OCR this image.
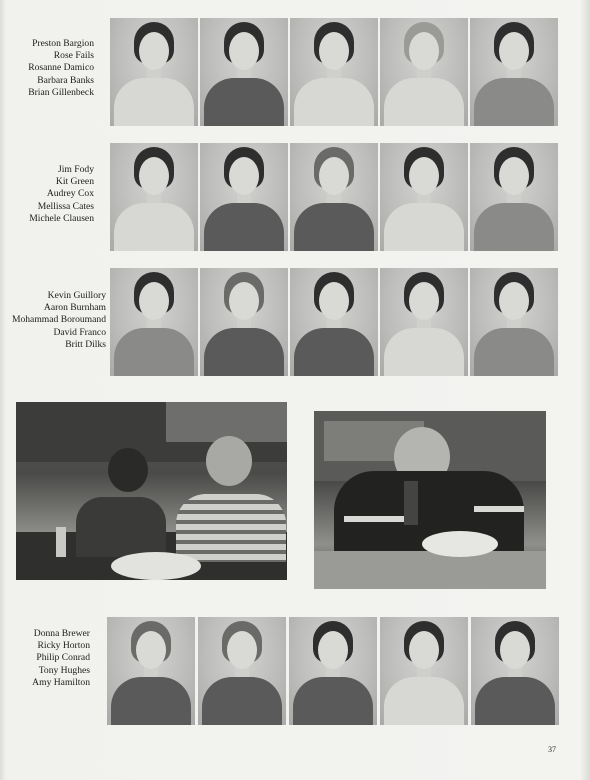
Preston Bargion
Rose Fails
Rosanne Damico
Barbara Banks
Brian Gillenbeck
Jim Fody
Kit Green
Audrey Cox
Mellissa Cates
Michele Clausen
Kevin Guillory
Aaron Burnham
Mohammad Boroumand
David Franco
Britt Dilks
Donna Brewer
Ricky Horton
Philip Conrad
Tony Hughes
Amy Hamilton
37
